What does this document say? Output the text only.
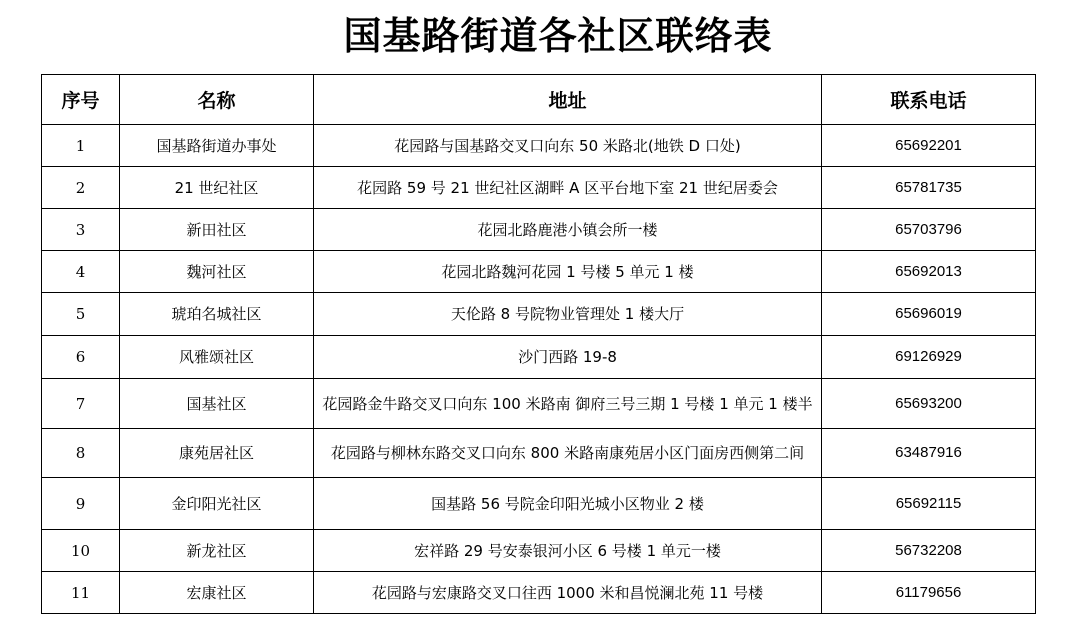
国基路街道各社区联络表
序号	名称	地址	联系电话
1	国基路街道办事处	花园路与国基路交叉口向东 50 米路北(地铁 D 口处)	65692201
2	21 世纪社区	花园路 59 号 21 世纪社区湖畔 A 区平台地下室 21 世纪居委会	65781735
3	新田社区	花园北路鹿港小镇会所一楼	65703796
4	魏河社区	花园北路魏河花园 1 号楼 5 单元 1 楼	65692013
5	琥珀名城社区	天伦路 8 号院物业管理处 1 楼大厅	65696019
6	风雅颂社区	沙门西路 19-8	69126929
7	国基社区	花园路金牛路交叉口向东 100 米路南 御府三号三期 1 号楼 1 单元 1 楼半	65693200
8	康苑居社区	花园路与柳林东路交叉口向东 800 米路南康苑居小区门面房西侧第二间	63487916
9	金印阳光社区	国基路 56 号院金印阳光城小区物业 2 楼	65692115
10	新龙社区	宏祥路 29 号安泰银河小区 6 号楼 1 单元一楼	56732208
11	宏康社区	花园路与宏康路交叉口往西 1000 米和昌悦澜北苑 11 号楼	61179656
